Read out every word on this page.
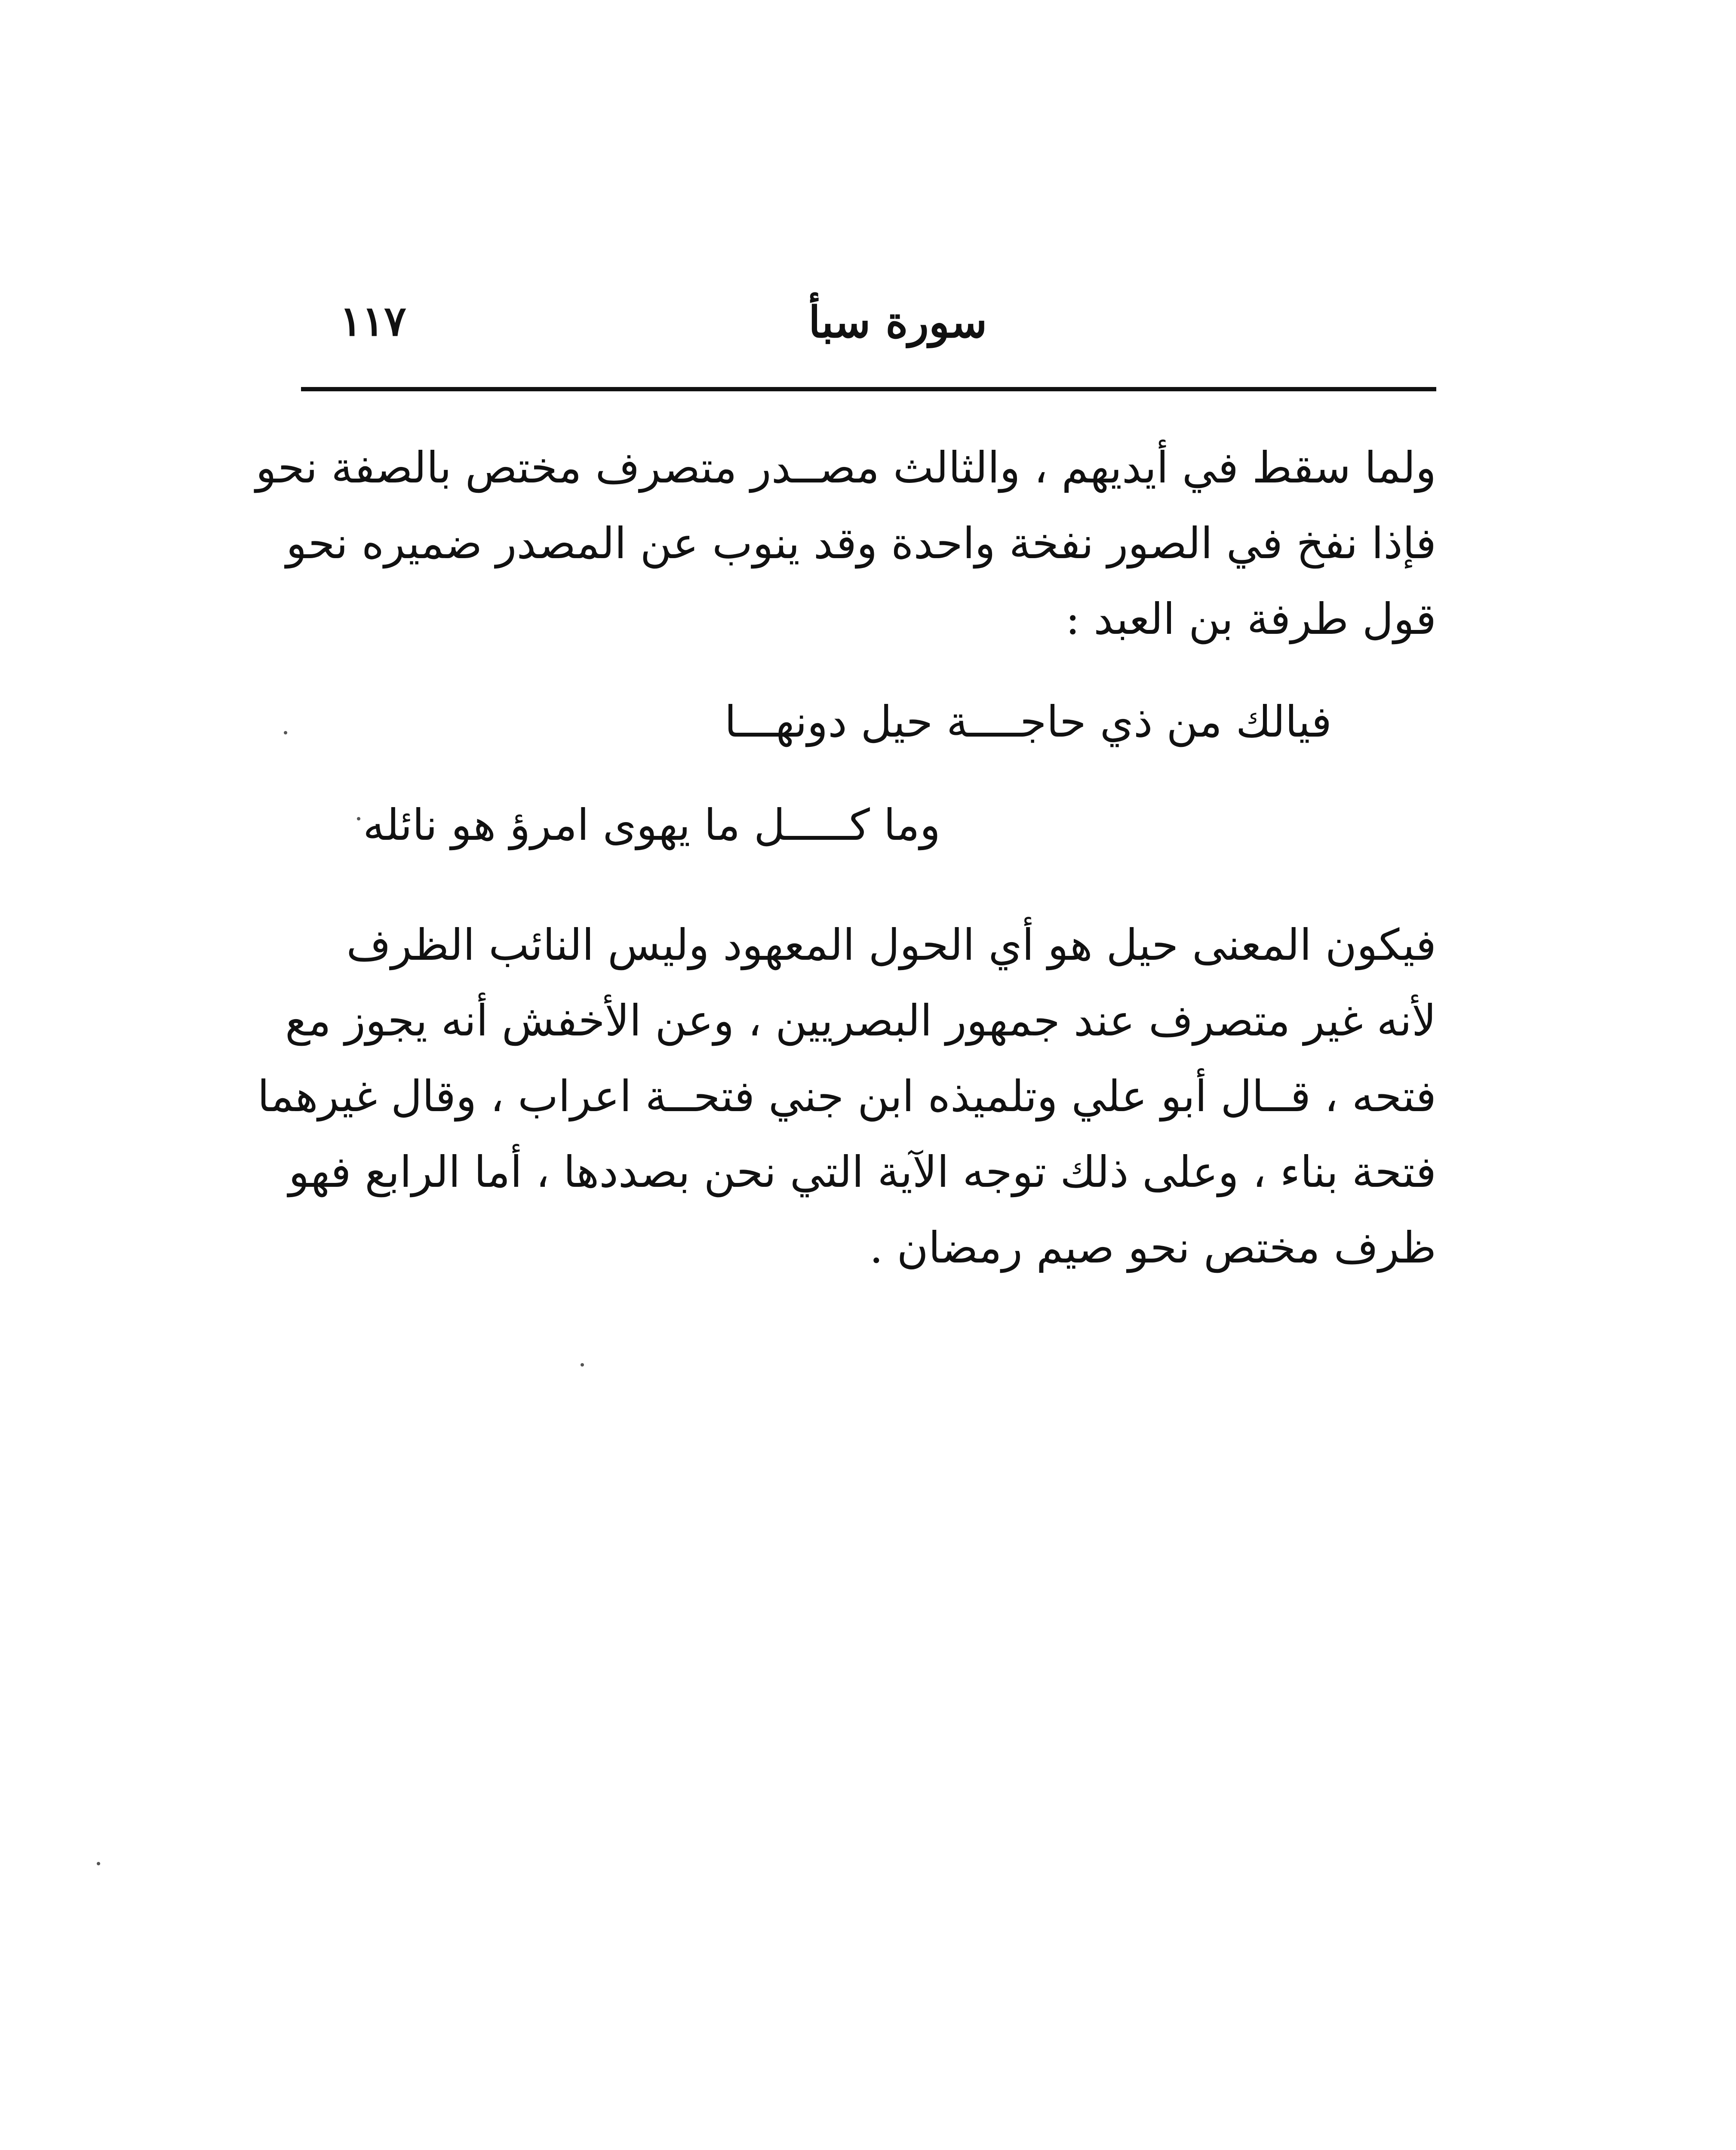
١١٧	سورة سبأ
ولما سقط في أيديهم ، والثالث مصــدر متصرف مختص بالصفة نحو
فإذا نفخ في الصور نفخة واحدة وقد ينوب عن المصدر ضميره نحو
قول طرفة بن العبد :
فيالك من ذي حاجــــة حيل دونهـــا
وما كـــــل ما يهوى امرؤ هو نائله
فيكون المعنى حيل هو أي الحول المعهود وليس النائب الظرف
لأنه غير متصرف عند جمهور البصريين ، وعن الأخفش أنه يجوز مع
فتحه ، قــال أبو علي وتلميذه ابن جني فتحــة اعراب ، وقال غيرهما
فتحة بناء ، وعلى ذلك توجه الآية التي نحن بصددها ، أما الرابع فهو
ظرف مختص نحو صيم رمضان .
